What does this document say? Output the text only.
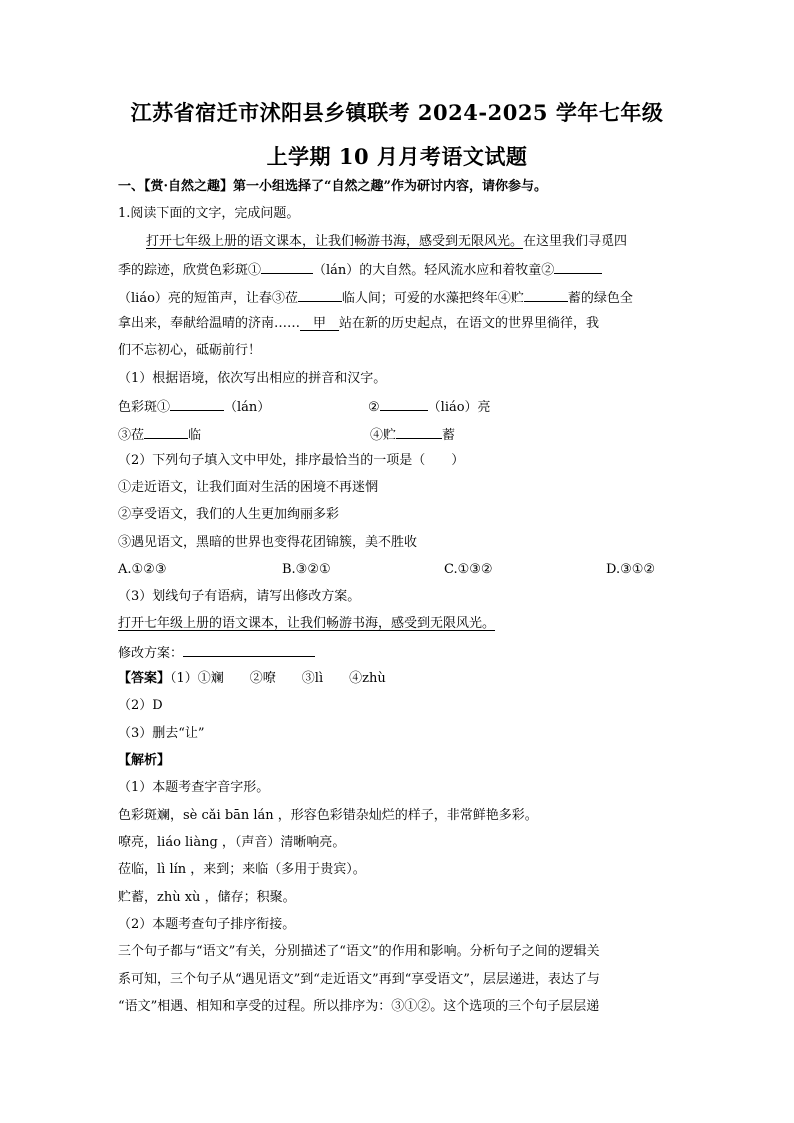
江苏省宿迁市沭阳县乡镇联考 2024-2025 学年七年级
上学期 10 月月考语文试题
一、【赏·自然之趣】第一小组选择了“自然之趣”作为研讨内容，请你参与。
1.阅读下面的文字，完成问题。
打开七年级上册的语文课本，让我们畅游书海，感受到无限风光。在这里我们寻觅四
季的踪迹，欣赏色彩斑①	（lán）的大自然。轻风流水应和着牧童②
（liáo）亮的短笛声，让春③莅	临人间；可爱的水藻把终年④贮	蓄的绿色全
拿出来，奉献给温晴的济南……  甲  站在新的历史起点，在语文的世界里徜徉，我
们不忘初心，砥砺前行！
（1）根据语境，依次写出相应的拼音和汉字。
色彩斑①	（lán）	②	（liáo）亮
③莅	临	④贮	蓄
（2）下列句子填入文中甲处，排序最恰当的一项是（　　）
①走近语文，让我们面对生活的困境不再迷惘
②享受语文，我们的人生更加绚丽多彩
③遇见语文，黑暗的世界也变得花团锦簇，美不胜收
A.①②③	B.③②①	C.①③②	D.③①②
（3）划线句子有语病，请写出修改方案。
打开七年级上册的语文课本，让我们畅游书海，感受到无限风光。
修改方案：
【答案】（1）①斓　　②嘹　　③lì　　④zhù
（2）D
（3）删去“让”
【解析】
（1）本题考查字音字形。
色彩斑斓，sè cǎi bān lán ，形容色彩错杂灿烂的样子，非常鲜艳多彩。
嘹亮，liáo liàng ，（声音）清晰响亮。
莅临，lì lín ，来到；来临（多用于贵宾）。
贮蓄，zhù xù ，储存；积聚。
（2）本题考查句子排序衔接。
三个句子都与“语文”有关，分别描述了“语文”的作用和影响。分析句子之间的逻辑关
系可知，三个句子从“遇见语文”到“走近语文”再到“享受语文”，层层递进，表达了与
“语文”相遇、相知和享受的过程。所以排序为：③①②。这个选项的三个句子层层递
